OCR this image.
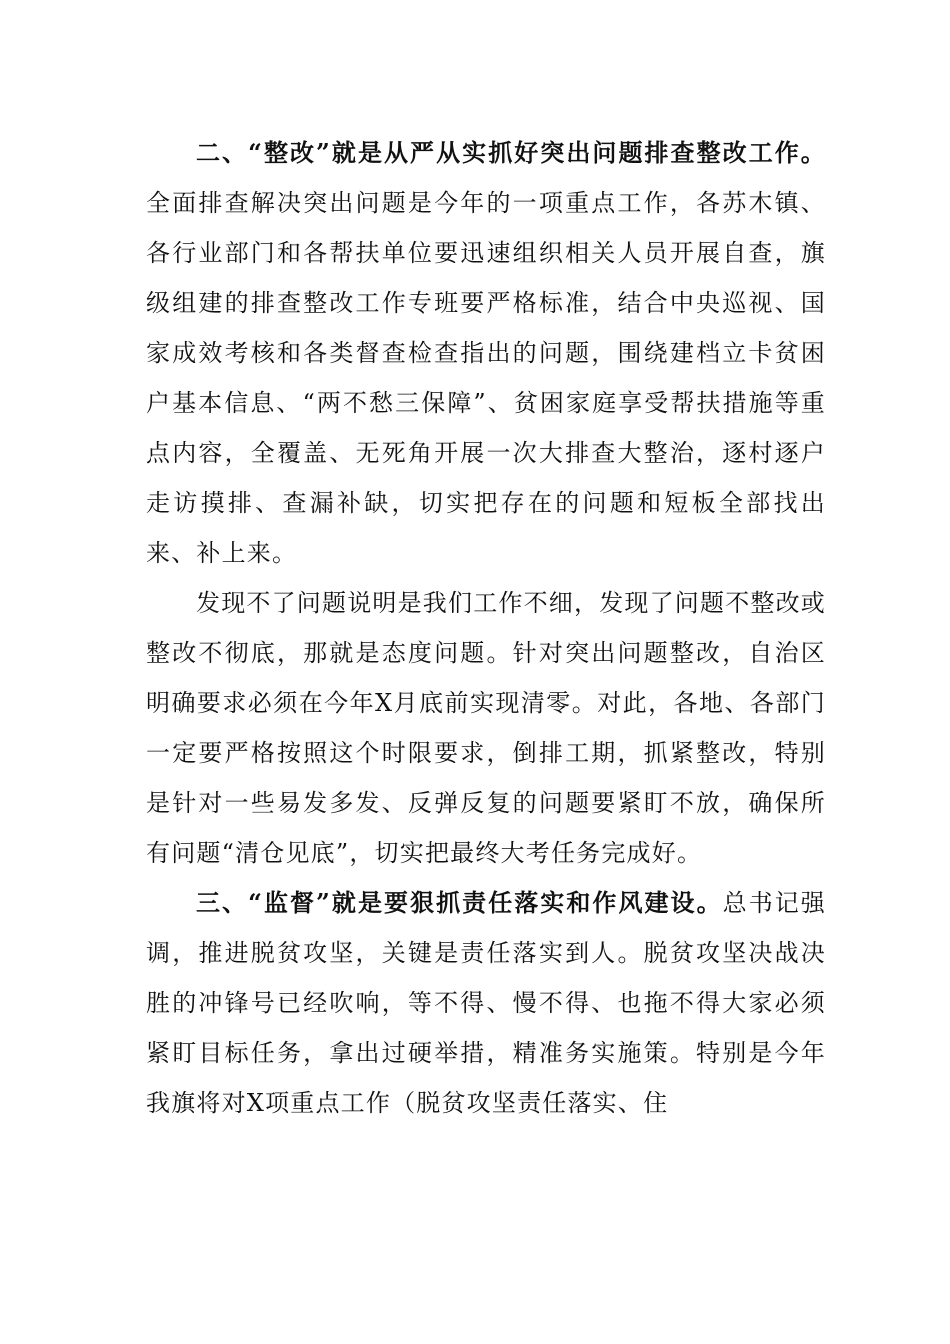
二、“整改”就是从严从实抓好突出问题排查整改工作。全面排查解决突出问题是今年的一项重点工作，各苏木镇、各行业部门和各帮扶单位要迅速组织相关人员开展自查，旗级组建的排查整改工作专班要严格标准，结合中央巡视、国家成效考核和各类督查检查指出的问题，围绕建档立卡贫困户基本信息、“两不愁三保障”、贫困家庭享受帮扶措施等重点内容，全覆盖、无死角开展一次大排查大整治，逐村逐户走访摸排、查漏补缺，切实把存在的问题和短板全部找出来、补上来。

发现不了问题说明是我们工作不细，发现了问题不整改或整改不彻底，那就是态度问题。针对突出问题整改，自治区明确要求必须在今年X月底前实现清零。对此，各地、各部门一定要严格按照这个时限要求，倒排工期，抓紧整改，特别是针对一些易发多发、反弹反复的问题要紧盯不放，确保所有问题“清仓见底”，切实把最终大考任务完成好。

三、“监督”就是要狠抓责任落实和作风建设。总书记强调，推进脱贫攻坚，关键是责任落实到人。脱贫攻坚决战决胜的冲锋号已经吹响，等不得、慢不得、也拖不得大家必须紧盯目标任务，拿出过硬举措，精准务实施策。特别是今年我旗将对X项重点工作（脱贫攻坚责任落实、住
